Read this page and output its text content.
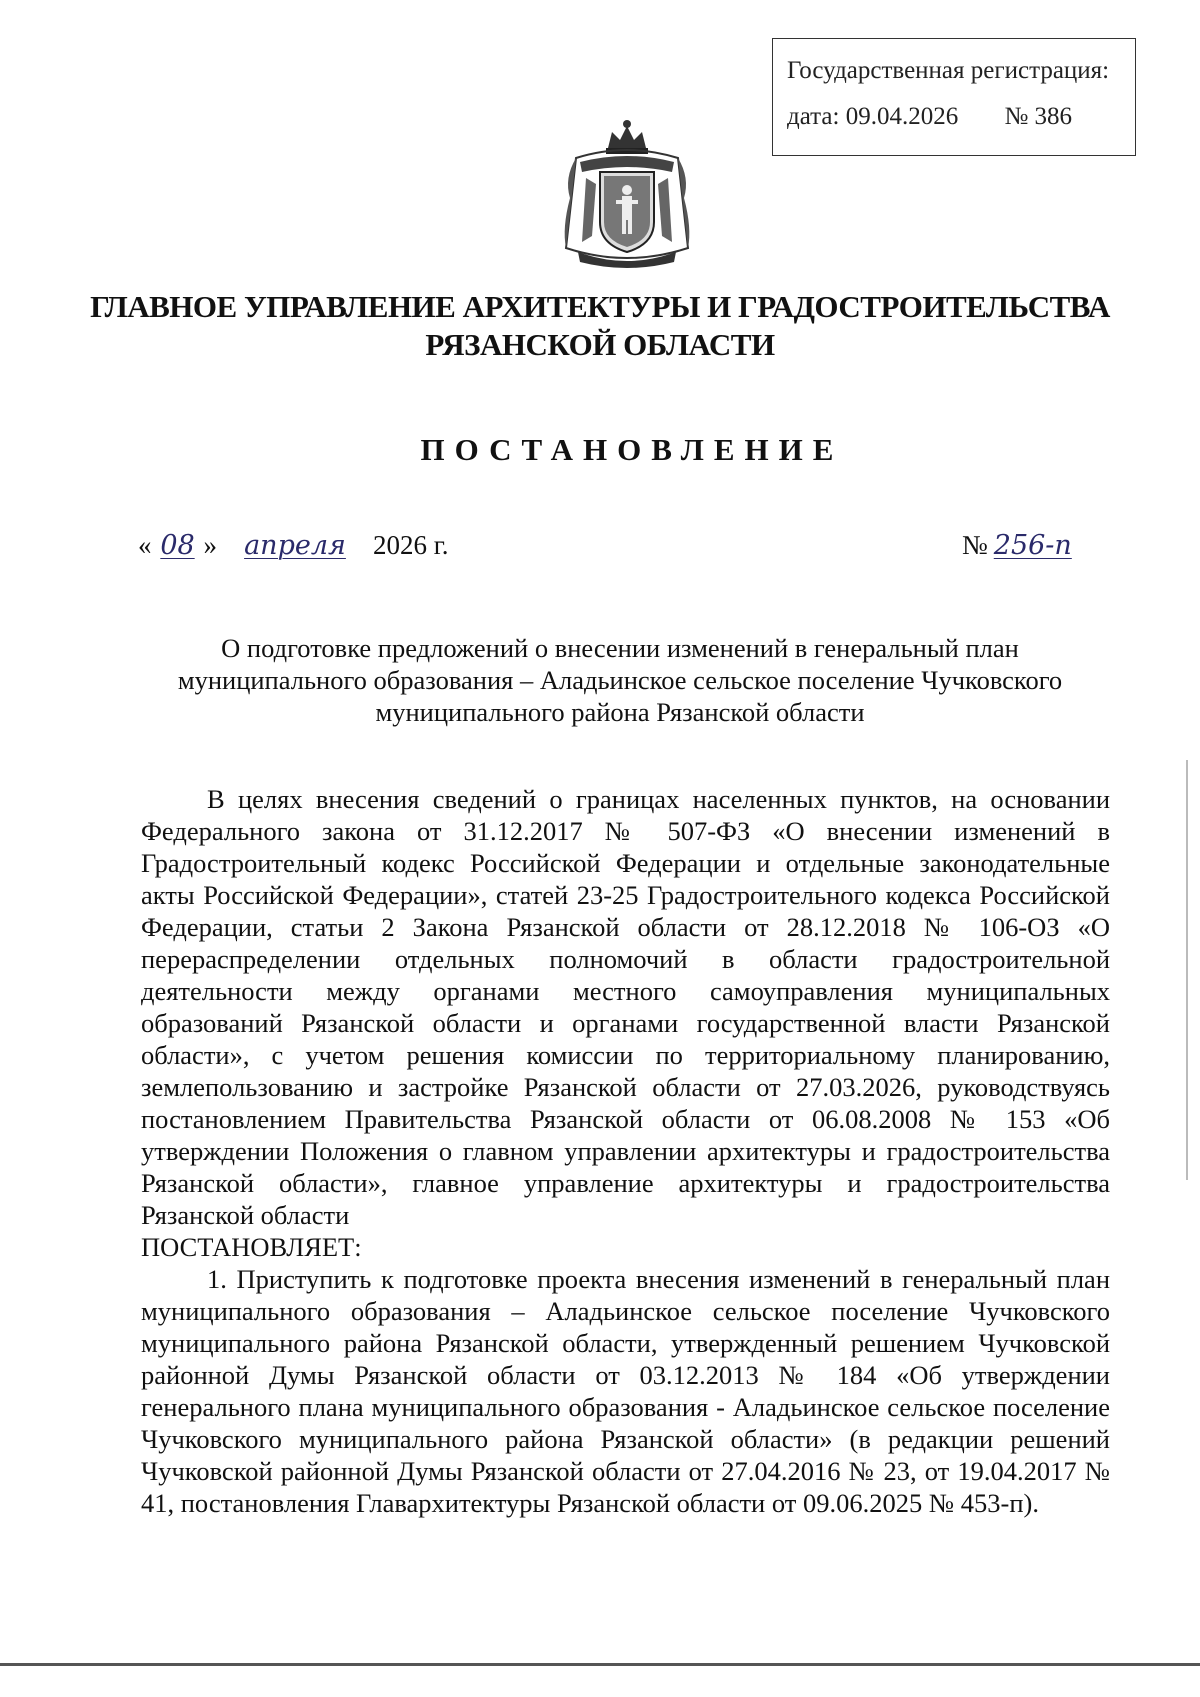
Государственная регистрация:
дата: 09.04.2026 № 386
ГЛАВНОЕ УПРАВЛЕНИЕ АРХИТЕКТУРЫ И ГРАДОСТРОИТЕЛЬСТВА
РЯЗАНСКОЙ ОБЛАСТИ
ПОСТАНОВЛЕНИЕ
« 08 » апреля 2026 г.	№ 256-п
О подготовке предложений о внесении изменений в генеральный план
муниципального образования – Аладьинское сельское поселение Чучковского
муниципального района Рязанской области

В целях внесения сведений о границах населенных пунктов, на основании Федерального закона от 31.12.2017 № 507-ФЗ «О внесении изменений в Градостроительный кодекс Российской Федерации и отдельные законодательные акты Российской Федерации», статей 23-25 Градостроительного кодекса Российской Федерации, статьи 2 Закона Рязанской области от 28.12.2018 № 106-ОЗ «О перераспределении отдельных полномочий в области градостроительной деятельности между органами местного самоуправления муниципальных образований Рязанской области и органами государственной власти Рязанской области», с учетом решения комиссии по территориальному планированию, землепользованию и застройке Рязанской области от 27.03.2026, руководствуясь постановлением Правительства Рязанской области от 06.08.2008 № 153 «Об утверждении Положения о главном управлении архитектуры и градостроительства Рязанской области», главное управление архитектуры и градостроительства Рязанской области

ПОСТАНОВЛЯЕТ:

1. Приступить к подготовке проекта внесения изменений в генеральный план муниципального образования – Аладьинское сельское поселение Чучковского муниципального района Рязанской области, утвержденный решением Чучковской районной Думы Рязанской области от 03.12.2013 № 184 «Об утверждении генерального плана муниципального образования - Аладьинское сельское поселение Чучковского муниципального района Рязанской области» (в редакции решений Чучковской районной Думы Рязанской области от 27.04.2016 № 23, от 19.04.2017 № 41, постановления Главархитектуры Рязанской области от 09.06.2025 № 453-п).
